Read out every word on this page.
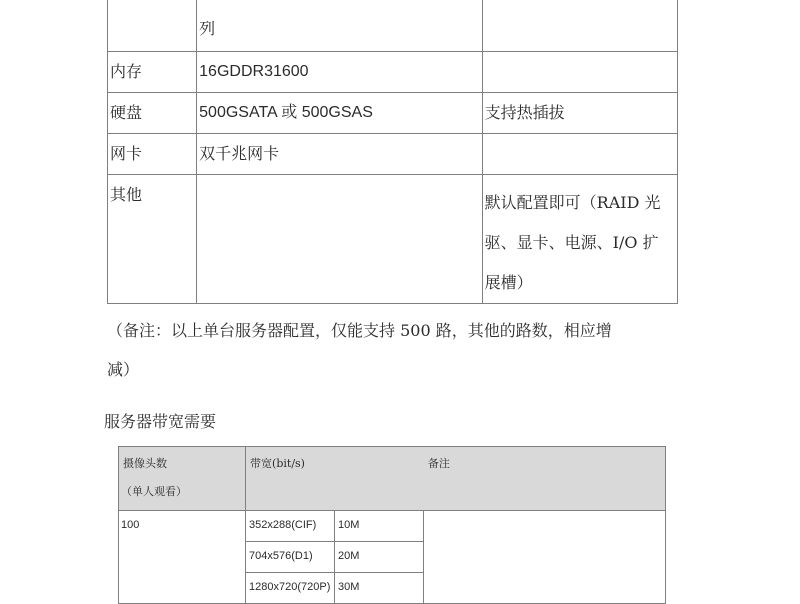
	列	
内存	16GDDR31600	
硬盘	500GSATA 或 500GSAS	支持热插拔
网卡	双千兆网卡	
其他		默认配置即可（RAID 光
驱、显卡、电源、I/O 扩
展槽）
（备注：以上单台服务器配置，仅能支持 500 路，其他的路数，相应增
减）
服务器带宽需要
摄像头数
（单人观看）	带宽(bit/s)		备注

100	352x288(CIF)	10M	
	704x576(D1)	20M	
	1280x720(720P)	30M	
